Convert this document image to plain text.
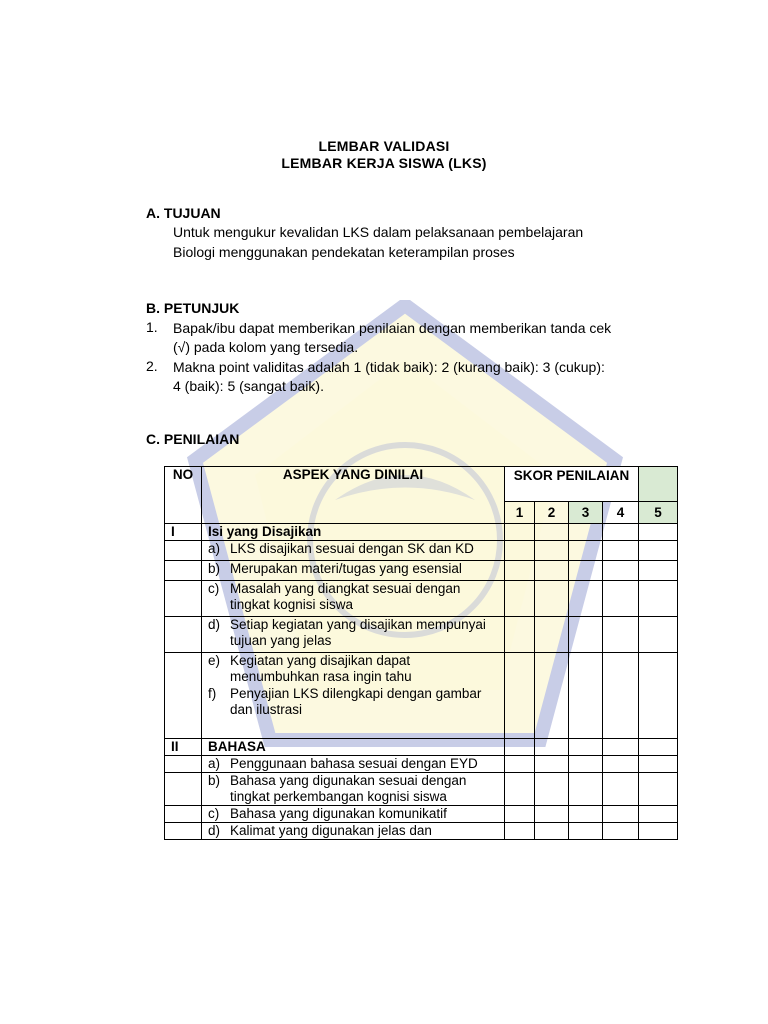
LEMBAR VALIDASI
LEMBAR KERJA SISWA (LKS)
A. TUJUAN
Untuk mengukur kevalidan LKS dalam pelaksanaan pembelajaran
Biologi menggunakan pendekatan keterampilan proses
B. PETUNJUK
1. Bapak/ibu dapat memberikan penilaian dengan memberikan tanda cek
(√) pada kolom yang tersedia.
2. Makna point validitas adalah 1 (tidak baik): 2 (kurang baik): 3 (cukup):
4 (baik): 5 (sangat baik).
C. PENILAIAN
NO	ASPEK YANG DINILAI	SKOR PENILAIAN				
		1	2	3	4	5
I	Isi yang Disajikan					

	a) LKS disajikan sesuai dengan SK dan KD					

	b) Merupakan materi/tugas yang esensial					

	c) Masalah yang diangkat sesuai dengan tingkat kognisi siswa					

	d) Setiap kegiatan yang disajikan mempunyai tujuan yang jelas					

	e) Kegiatan yang disajikan dapat menumbuhkan rasa ingin tahu
f) Penyajian LKS dilengkapi dengan gambar dan ilustrasi					

II	BAHASA					

	a) Penggunaan bahasa sesuai dengan EYD					

	b) Bahasa yang digunakan sesuai dengan tingkat perkembangan kognisi siswa					

	c) Bahasa yang digunakan komunikatif					

	d) Kalimat yang digunakan jelas dan					
